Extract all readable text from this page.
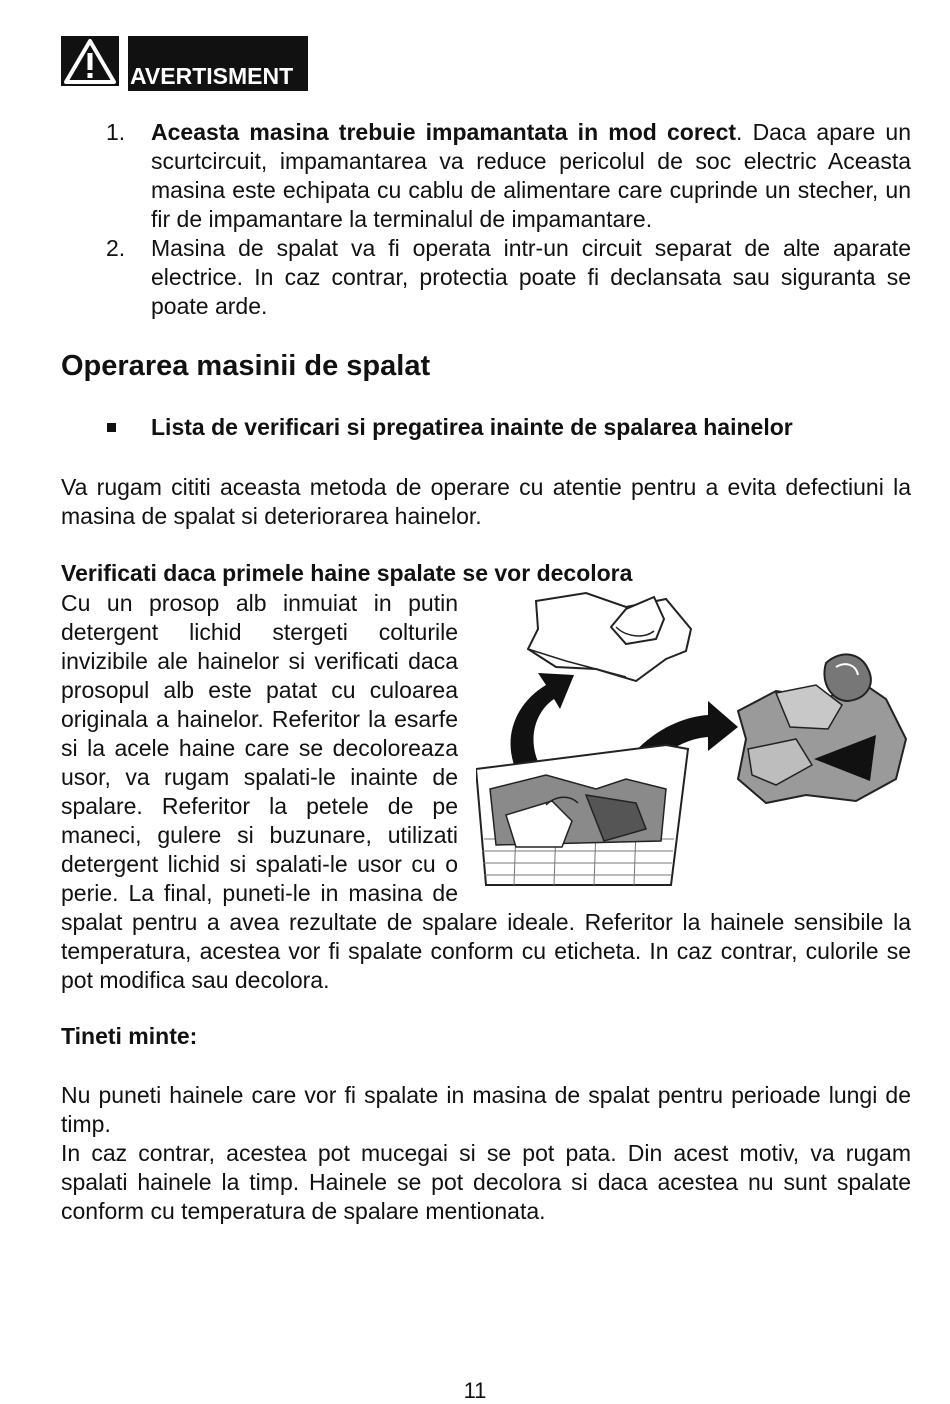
AVERTISMENT
1. Aceasta masina trebuie impamantata in mod corect. Daca apare un scurtcircuit, impamantarea va reduce pericolul de soc electric Aceasta masina este echipata cu cablu de alimentare care cuprinde un stecher, un fir de impamantare la terminalul de impamantare.
2. Masina de spalat va fi operata intr-un circuit separat de alte aparate electrice. In caz contrar, protectia poate fi declansata sau siguranta se poate arde.
Operarea masinii de spalat
Lista de verificari si pregatirea inainte de spalarea hainelor
Va rugam cititi aceasta metoda de operare cu atentie pentru a evita defectiuni la masina de spalat si deteriorarea hainelor.
Verificati daca primele haine spalate se vor decolora
Cu un prosop alb inmuiat in putin detergent lichid stergeti colturile invizibile ale hainelor si verificati daca prosopul alb este patat cu culoarea originala a hainelor. Referitor la esarfe si la acele haine care se decoloreaza usor, va rugam spalati-le inainte de spalare. Referitor la petele de pe maneci, gulere si buzunare, utilizati detergent lichid si spalati-le usor cu o perie. La final, puneti-le in masina de spalat pentru a avea rezultate de spalare ideale. Referitor la hainele sensibile la temperatura, acestea vor fi spalate conform cu eticheta. In caz contrar, culorile se pot modifica sau decolora.
Tineti minte:
Nu puneti hainele care vor fi spalate in masina de spalat pentru perioade lungi de timp.
In caz contrar, acestea pot mucegai si se pot pata. Din acest motiv, va rugam spalati hainele la timp. Hainele se pot decolora si daca acestea nu sunt spalate conform cu temperatura de spalare mentionata.
11
